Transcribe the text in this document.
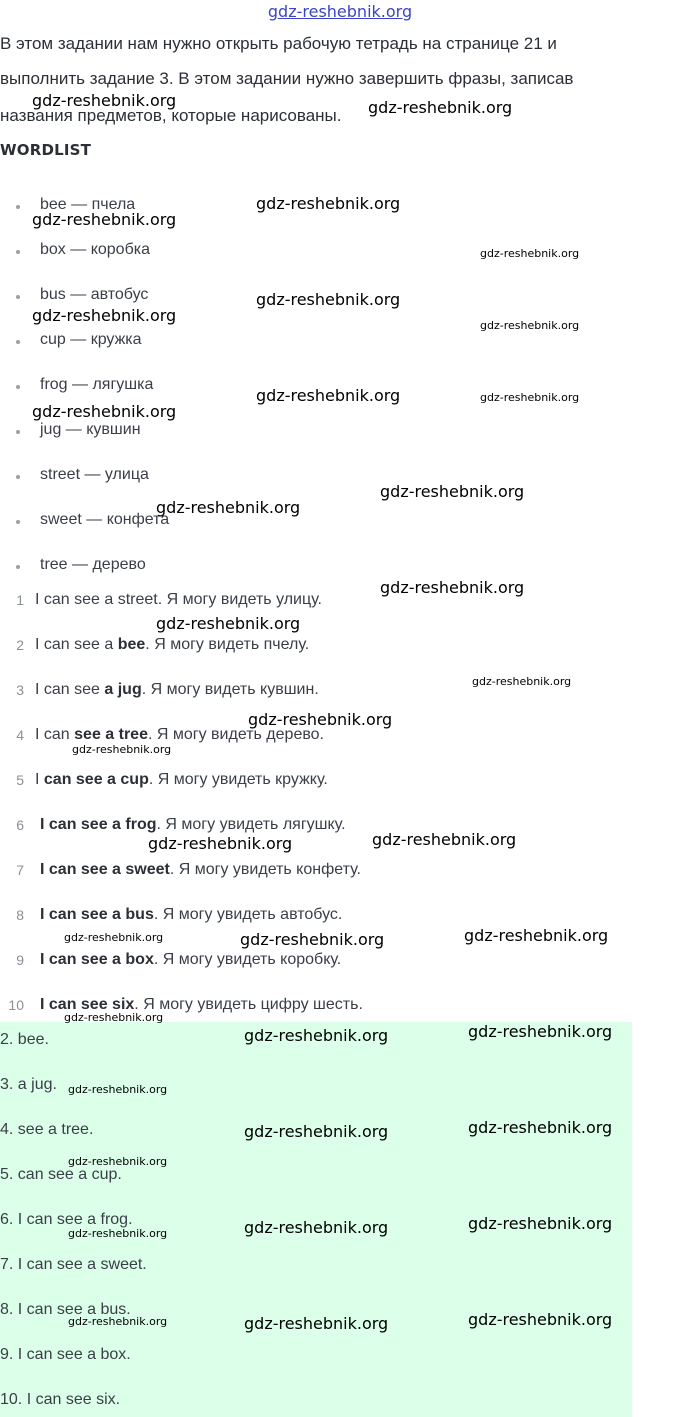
gdz-reshebnik.org
В этом задании нам нужно открыть рабочую тетрадь на странице 21 и
выполнить задание 3. В этом задании нужно завершить фразы, записав
названия предметов, которые нарисованы.
WORDLIST
bee — пчела
box — коробка
bus — автобус
cup — кружка
frog — лягушка
jug — кувшин
street — улица
sweet — конфета
tree — дерево
1 I can see a street. Я могу видеть улицу.
2 I can see a bee. Я могу видеть пчелу.
3 I can see a jug. Я могу видеть кувшин.
4 I can see a tree. Я могу видеть дерево.
5 I can see a cup. Я могу увидеть кружку.
6 I can see a frog. Я могу увидеть лягушку.
7 I can see a sweet. Я могу увидеть конфету.
8 I can see a bus. Я могу увидеть автобус.
9 I can see a box. Я могу увидеть коробку.
10 I can see six. Я могу увидеть цифру шесть.
2. bee.
3. a jug.
4. see a tree.
5. can see a cup.
6. I can see a frog.
7. I can see a sweet.
8. I can see a bus.
9. I can see a box.
10. I can see six.
gdz-reshebnik.org	gdz-reshebnik.org
gdz-reshebnik.org
gdz-reshebnik.org
gdz-reshebnik.org
gdz-reshebnik.org
gdz-reshebnik.org
gdz-reshebnik.org
gdz-reshebnik.org	gdz-reshebnik.org
gdz-reshebnik.org
gdz-reshebnik.org
gdz-reshebnik.org
gdz-reshebnik.org
gdz-reshebnik.org
gdz-reshebnik.org
gdz-reshebnik.org
gdz-reshebnik.org
gdz-reshebnik.org
gdz-reshebnik.org
gdz-reshebnik.org
gdz-reshebnik.org	gdz-reshebnik.org
gdz-reshebnik.org
gdz-reshebnik.org
gdz-reshebnik.org
gdz-reshebnik.org
gdz-reshebnik.org
gdz-reshebnik.org
gdz-reshebnik.org
gdz-reshebnik.org
gdz-reshebnik.org
gdz-reshebnik.org
gdz-reshebnik.org
gdz-reshebnik.org	gdz-reshebnik.org
